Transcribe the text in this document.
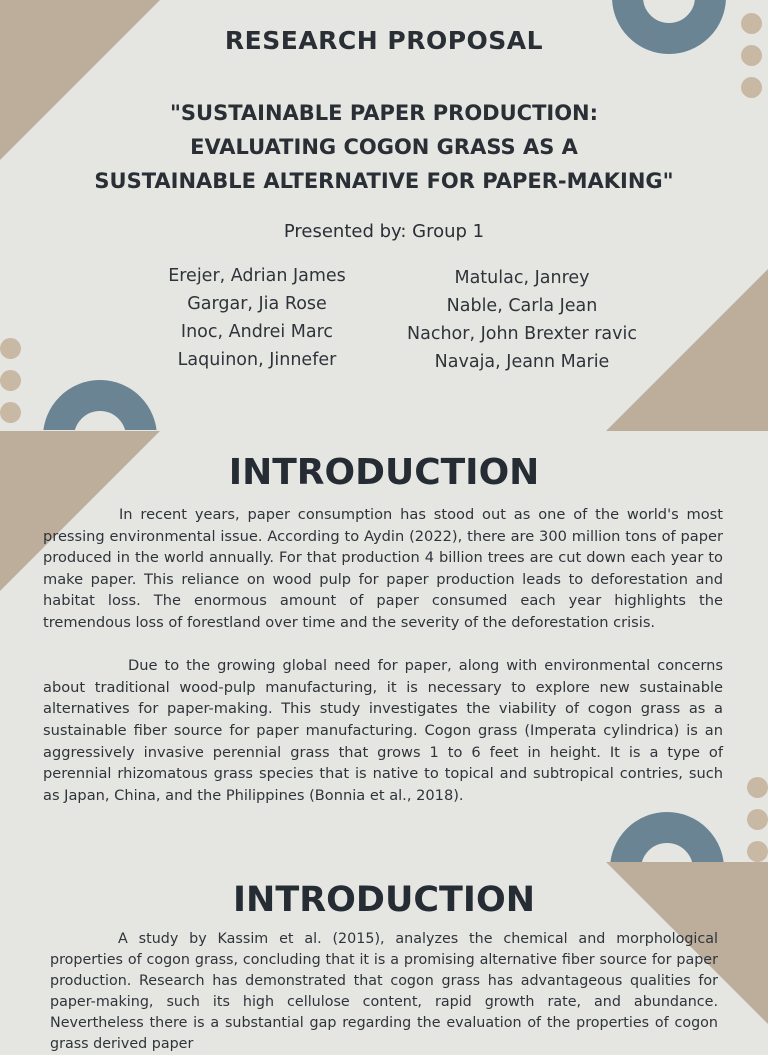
RESEARCH PROPOSAL
"SUSTAINABLE PAPER PRODUCTION:
EVALUATING COGON GRASS AS A
SUSTAINABLE ALTERNATIVE FOR PAPER-MAKING"
Presented by: Group 1
Erejer, Adrian James
Gargar, Jia Rose
Inoc, Andrei Marc
Laquinon, Jinnefer
Matulac, Janrey
Nable, Carla Jean
Nachor, John Brexter ravic
Navaja, Jeann Marie
INTRODUCTION

In recent years, paper consumption has stood out as one of the world's most pressing environmental issue. According to Aydin (2022), there are 300 million tons of paper produced in the world annually. For that production 4 billion trees are cut down each year to make paper. This reliance on wood pulp for paper production leads to deforestation and habitat loss. The enormous amount of paper consumed each year highlights the tremendous loss of forestland over time and the severity of the deforestation crisis.

Due to the growing global need for paper, along with environmental concerns about traditional wood-pulp manufacturing, it is necessary to explore new sustainable alternatives for paper-making. This study investigates the viability of cogon grass as a sustainable fiber source for paper manufacturing. Cogon grass (Imperata cylindrica) is an aggressively invasive perennial grass that grows 1 to 6 feet in height. It is a type of perennial rhizomatous grass species that is native to topical and subtropical contries, such as Japan, China, and the Philippines (Bonnia et al., 2018).

INTRODUCTION

A study by Kassim et al. (2015), analyzes the chemical and morphological properties of cogon grass, concluding that it is a promising alternative fiber source for paper production. Research has demonstrated that cogon grass has advantageous qualities for paper-making, such its high cellulose content, rapid growth rate, and abundance. Nevertheless there is a substantial gap regarding the evaluation of the properties of cogon grass derived paper
